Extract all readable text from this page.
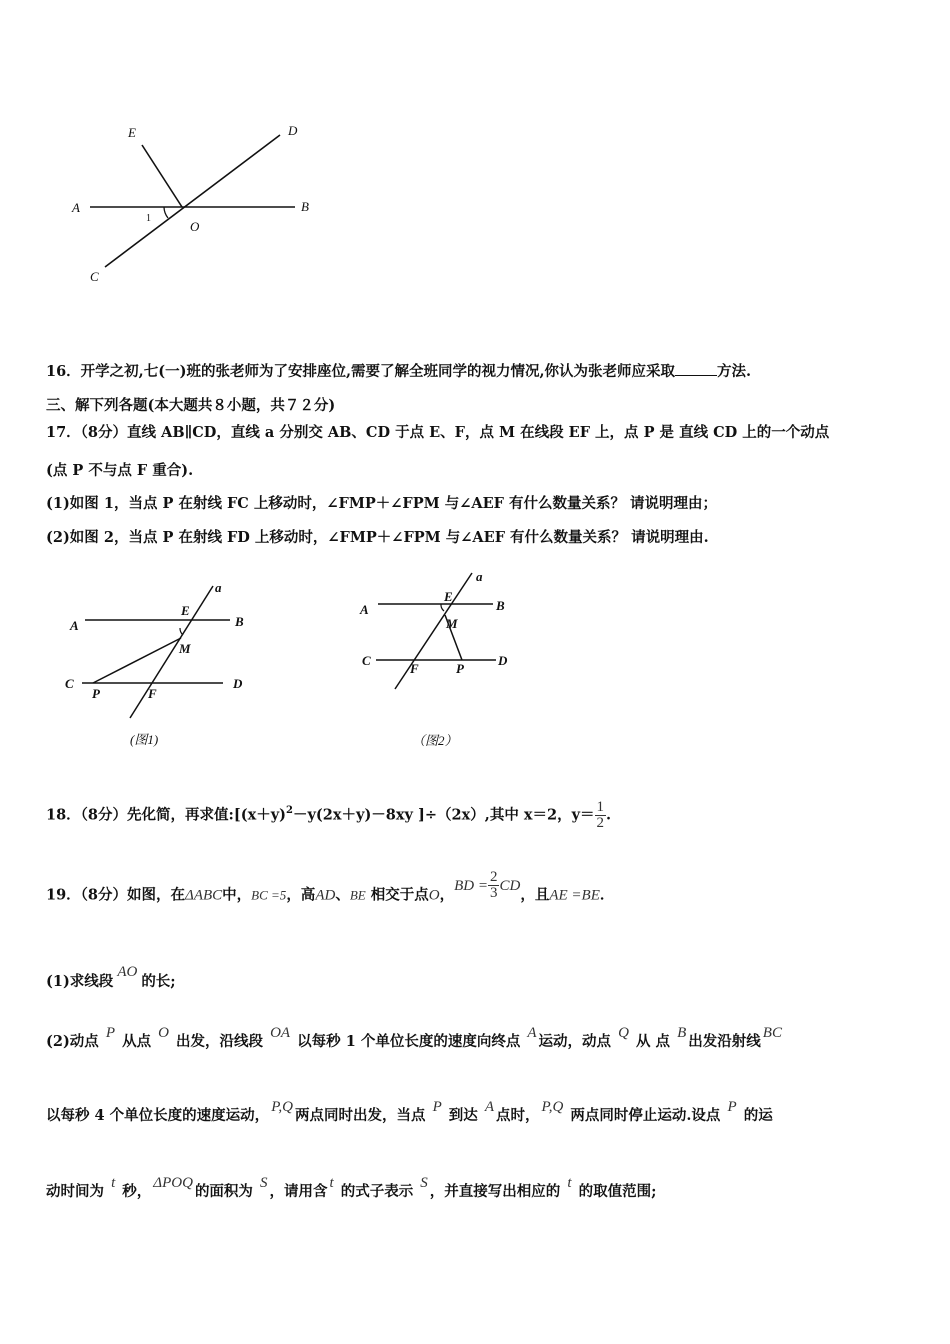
E	D
A	B
O
C
1
16．开学之初,七(一)班的张老师为了安排座位,需要了解全班同学的视力情况,你认为张老师应采取	方法.
三、解下列各题(本大题共８小题，共７２分)
17．（8分）直线 AB∥CD，直线 a 分别交 AB、CD 于点 E、F，点 M 在线段 EF 上，点 P 是 直线 CD 上的一个动点
(点 P 不与点 F 重合).
(1)如图 1，当点 P 在射线 FC 上移动时，∠FMP＋∠FPM 与∠AEF 有什么数量关系？ 请说明理由；
(2)如图 2，当点 P 在射线 FD 上移动时，∠FMP＋∠FPM 与∠AEF 有什么数量关系？ 请说明理由.
a
E
A	B
M
C
P	F
D
(图1)
a
E
A	B
M
C
F	P
D
（图2）
18．（8分）先化简，再求值$:[(x+y)^2-y(2x+y)-8xy$ ]÷（2x）,其中 x＝2，$y= \frac{1}{2}$ .
19．（8分）如图，在ΔABC中，BC =5，高AD、BE 相交于点O，BD = $\frac{2}{3}$ CD，且AE =BE．
(1)求线段AO的长;
(2)动点 P 从点 O 出发，沿线段 OA 以每秒 1 个单位长度的速度向终点 A 运动，动点 Q 从 点 B 出发沿射线 BC
以每秒 4 个单位长度的速度运动， P,Q 两点同时出发，当点 P 到达 A 点时， P,Q 两点同时停止运动.设点 P 的运
动时间为 t 秒， ΔPOQ 的面积为 S ，请用含 t 的式子表示 S ，并直接写出相应的 t 的取值范围;
